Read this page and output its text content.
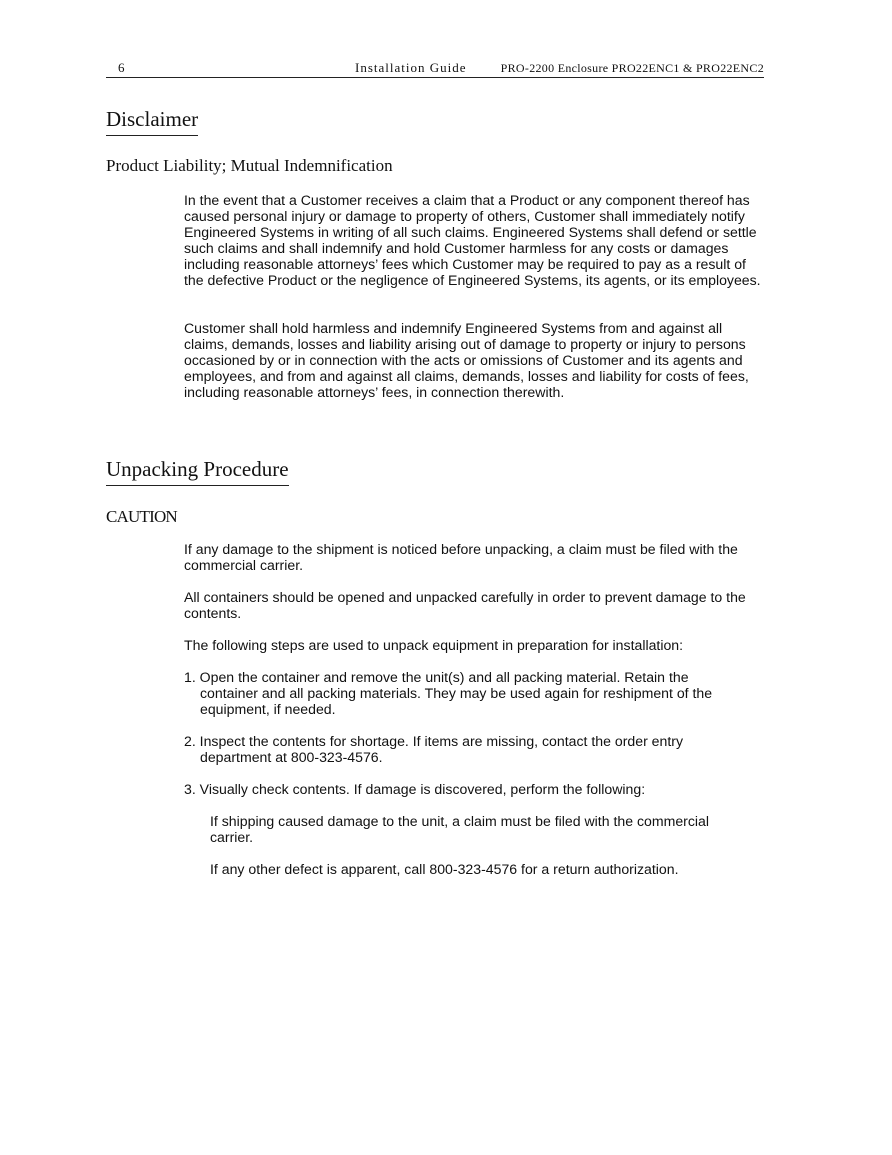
6	Installation Guide	PRO-2200 Enclosure PRO22ENC1 & PRO22ENC2
Disclaimer
Product Liability; Mutual Indemnification

In the event that a Customer receives a claim that a Product or any component thereof has caused personal injury or damage to property of others, Customer shall immediately notify Engineered Systems in writing of all such claims. Engineered Systems shall defend or settle such claims and shall indemnify and hold Customer harmless for any costs or damages including reasonable attorneys’ fees which Customer may be required to pay as a result of the defective Product or the negligence of Engineered Systems, its agents, or its employees.

Customer shall hold harmless and indemnify Engineered Systems from and against all claims, demands, losses and liability arising out of damage to property or injury to persons occasioned by or in connection with the acts or omissions of Customer and its agents and employees, and from and against all claims, demands, losses and liability for costs of fees, including reasonable attorneys’ fees, in connection therewith.

Unpacking Procedure
CAUTION

If any damage to the shipment is noticed before unpacking, a claim must be filed with the commercial carrier.

All containers should be opened and unpacked carefully in order to prevent damage to the contents.

The following steps are used to unpack equipment in preparation for installation:

1. Open the container and remove the unit(s) and all packing material. Retain the container and all packing materials. They may be used again for reshipment of the equipment, if needed.

2. Inspect the contents for shortage. If items are missing, contact the order entry department at 800-323-4576.

3. Visually check contents. If damage is discovered, perform the following:

If shipping caused damage to the unit, a claim must be filed with the commercial carrier.

If any other defect is apparent, call 800-323-4576 for a return authorization.
